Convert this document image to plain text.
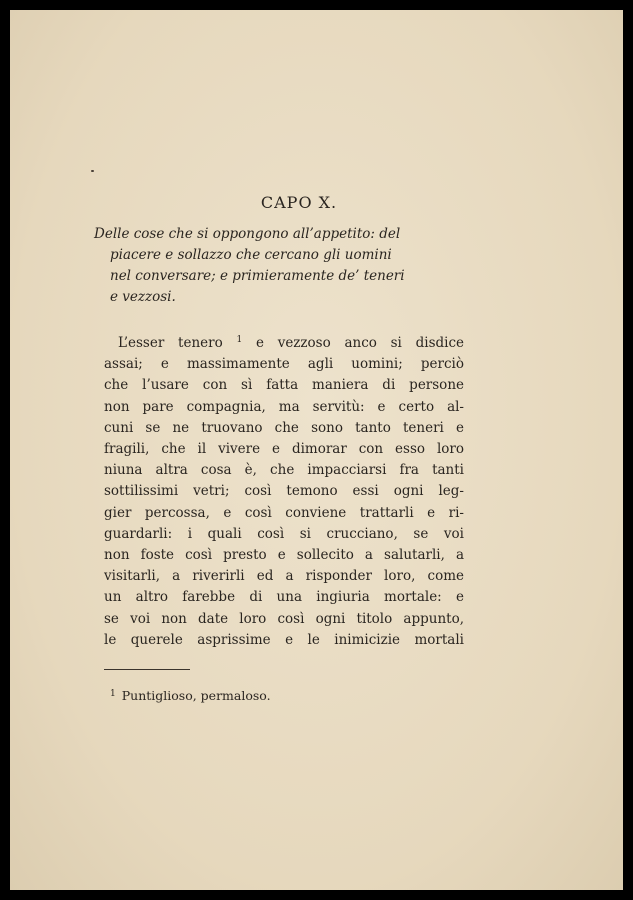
CAPO X.
Delle cose che si oppongono all’appetito: del
piacere e sollazzo che cercano gli uomini
nel conversare; e primieramente de’ teneri
e vezzosi.
L’esser tenero $^1$ e vezzoso anco si disdice
assai; e massimamente agli uomini; perciò
che l’usare con sì fatta maniera di persone
non pare compagnia, ma servitù: e certo al-
cuni se ne truovano che sono tanto teneri e
fragili, che il vivere e dimorar con esso loro
niuna altra cosa è, che impacciarsi fra tanti
sottilissimi vetri; così temono essi ogni leg-
gier percossa, e così conviene trattarli e ri-
guardarli: i quali così si crucciano, se voi
non foste così presto e sollecito a salutarli, a
visitarli, a riverirli ed a risponder loro, come
un altro farebbe di una ingiuria mortale: e
se voi non date loro così ogni titolo appunto,
le querele asprissime e le inimicizie mortali
$^1$ Puntiglioso, permaloso.
